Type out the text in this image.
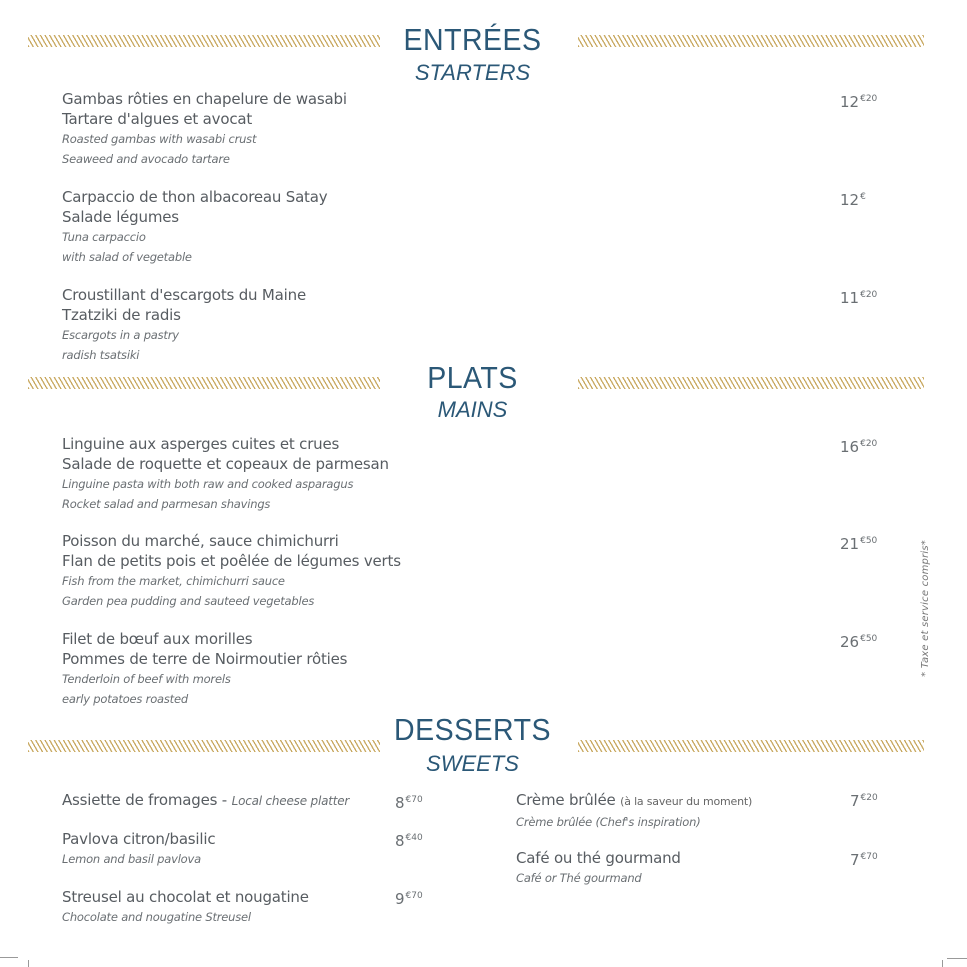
ENTRÉES
STARTERS
Gambas rôties en chapelure de wasabi
Tartare d'algues et avocat
Roasted gambas with wasabi crust
Seaweed and avocado tartare
$12^{€20}$
Carpaccio de thon albacoreau Satay
Salade légumes
Tuna carpaccio
with salad of vegetable
12€
Croustillant d'escargots du Maine
Tzatziki de radis
Escargots in a pastry
radish tsatsiki
$11^{€20}$
PLATS
MAINS
Linguine aux asperges cuites et crues
Salade de roquette et copeaux de parmesan
Linguine pasta with both raw and cooked asparagus
Rocket salad and parmesan shavings
$16^{€20}$
Poisson du marché, sauce chimichurri
Flan de petits pois et poêlée de légumes verts
Fish from the market, chimichurri sauce
Garden pea pudding and sauteed vegetables
$21^{€50}$
Filet de bœuf aux morilles
Pommes de terre de Noirmoutier rôties
Tenderloin of beef with morels
early potatoes roasted
$26^{€50}$	* Taxe et service compris*
DESSERTS
SWEETS
Assiette de fromages - Local cheese platter	$8^{€70}$
Pavlova citron/basilic
Lemon and basil pavlova
$8^{€40}$
Streusel au chocolat et nougatine
Chocolate and nougatine Streusel
$9^{€70}$
Crème brûlée (à la saveur du moment)
Crème brûlée (Chef's inspiration)
$7^{€20}$
Café ou thé gourmand
Café or Thé gourmand
$7^{€70}$
